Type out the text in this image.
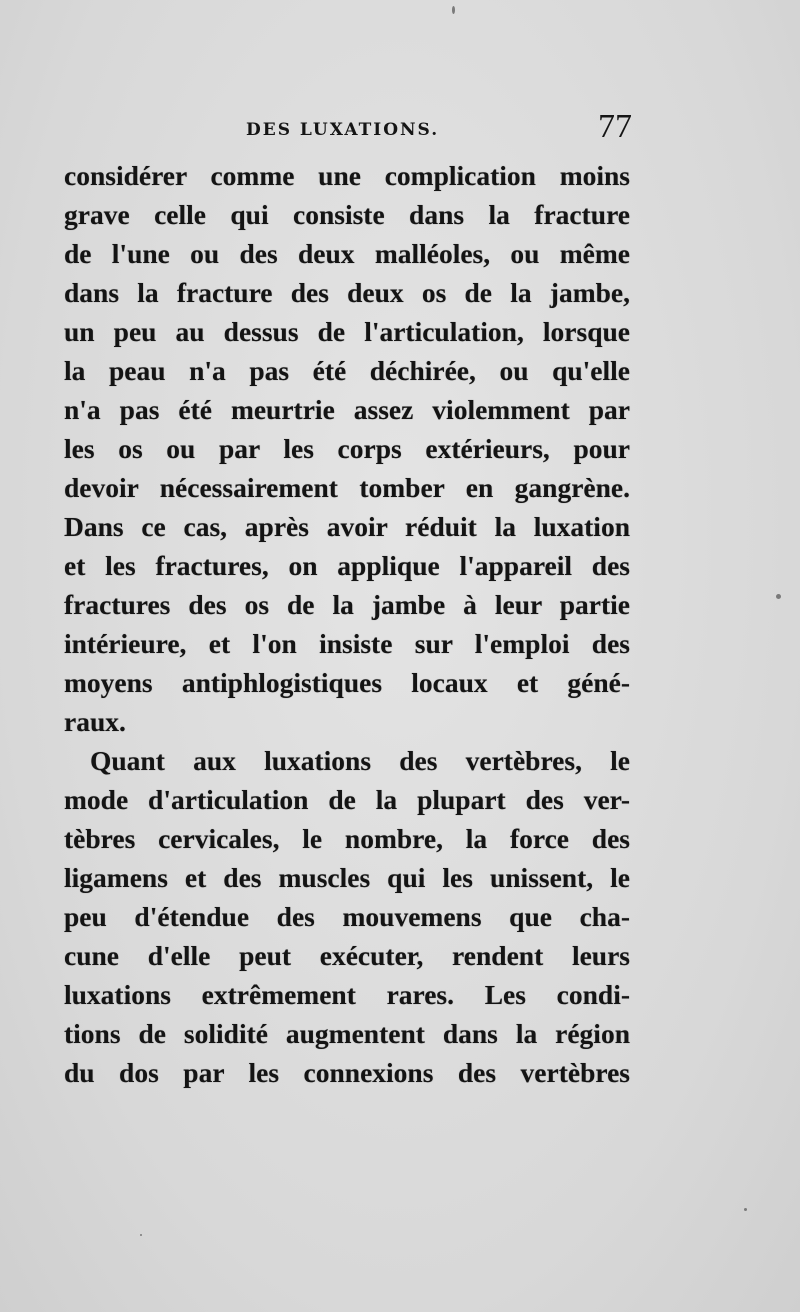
DES LUXATIONS.	77
considérer comme une complication moins
grave celle qui consiste dans la fracture
de l'une ou des deux malléoles, ou même
dans la fracture des deux os de la jambe,
un peu au dessus de l'articulation, lorsque
la peau n'a pas été déchirée, ou qu'elle
n'a pas été meurtrie assez violemment par
les os ou par les corps extérieurs, pour
devoir nécessairement tomber en gangrène.
Dans ce cas, après avoir réduit la luxation
et les fractures, on applique l'appareil des
fractures des os de la jambe à leur partie
intérieure, et l'on insiste sur l'emploi des
moyens antiphlogistiques locaux et géné-
raux.
Quant aux luxations des vertèbres, le
mode d'articulation de la plupart des ver-
tèbres cervicales, le nombre, la force des
ligamens et des muscles qui les unissent, le
peu d'étendue des mouvemens que cha-
cune d'elle peut exécuter, rendent leurs
luxations extrêmement rares. Les condi-
tions de solidité augmentent dans la région
du dos par les connexions des vertèbres
